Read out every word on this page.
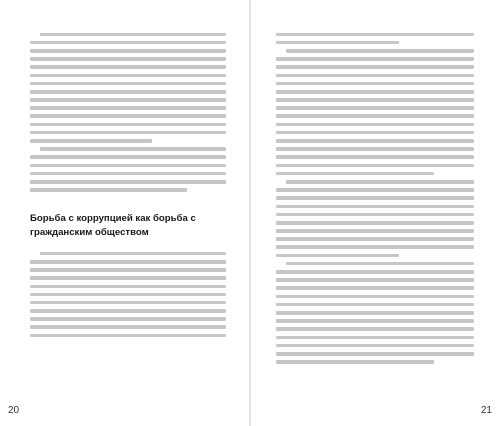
Борьба с коррупцией как борьба с гражданским обществом
20	21
